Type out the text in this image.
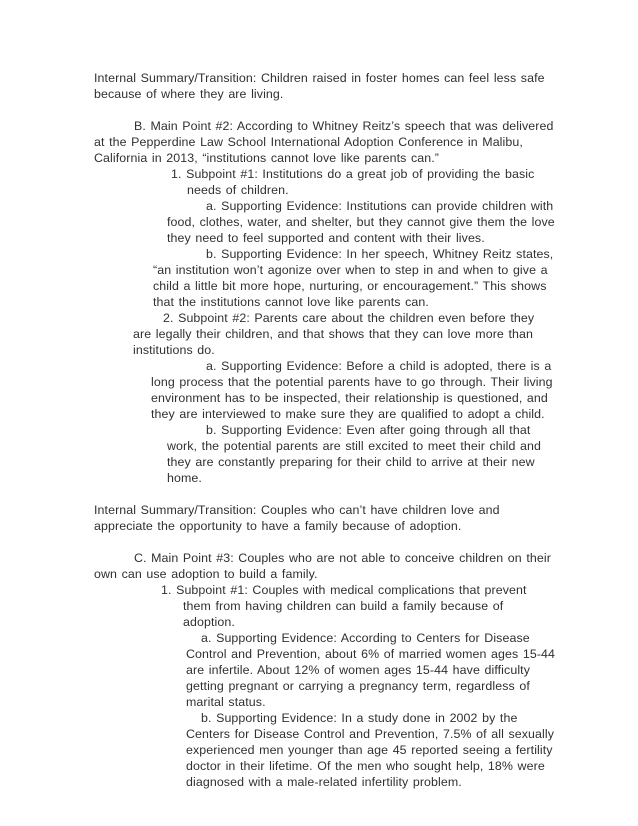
Internal Summary/Transition: Children raised in foster homes can feel less safe because of where they are living.
B. Main Point #2: According to Whitney Reitz’s speech that was delivered at the Pepperdine Law School International Adoption Conference in Malibu, California in 2013, “institutions cannot love like parents can.”
1. Subpoint #1: Institutions do a great job of providing the basic needs of children.
a. Supporting Evidence: Institutions can provide children with food, clothes, water, and shelter, but they cannot give them the love they need to feel supported and content with their lives.
b. Supporting Evidence: In her speech, Whitney Reitz states, “an institution won’t agonize over when to step in and when to give a child a little bit more hope, nurturing, or encouragement.” This shows that the institutions cannot love like parents can.
2. Subpoint #2: Parents care about the children even before they are legally their children, and that shows that they can love more than institutions do.
a. Supporting Evidence: Before a child is adopted, there is a long process that the potential parents have to go through. Their living environment has to be inspected, their relationship is questioned, and they are interviewed to make sure they are qualified to adopt a child.
b. Supporting Evidence: Even after going through all that work, the potential parents are still excited to meet their child and they are constantly preparing for their child to arrive at their new home.
Internal Summary/Transition: Couples who can’t have children love and appreciate the opportunity to have a family because of adoption.
C. Main Point #3: Couples who are not able to conceive children on their own can use adoption to build a family.
1. Subpoint #1: Couples with medical complications that prevent them from having children can build a family because of adoption.
a. Supporting Evidence: According to Centers for Disease Control and Prevention, about 6% of married women ages 15-44 are infertile. About 12% of women ages 15-44 have difficulty getting pregnant or carrying a pregnancy term, regardless of marital status.
b. Supporting Evidence: In a study done in 2002 by the Centers for Disease Control and Prevention, 7.5% of all sexually experienced men younger than age 45 reported seeing a fertility doctor in their lifetime. Of the men who sought help, 18% were diagnosed with a male-related infertility problem.
